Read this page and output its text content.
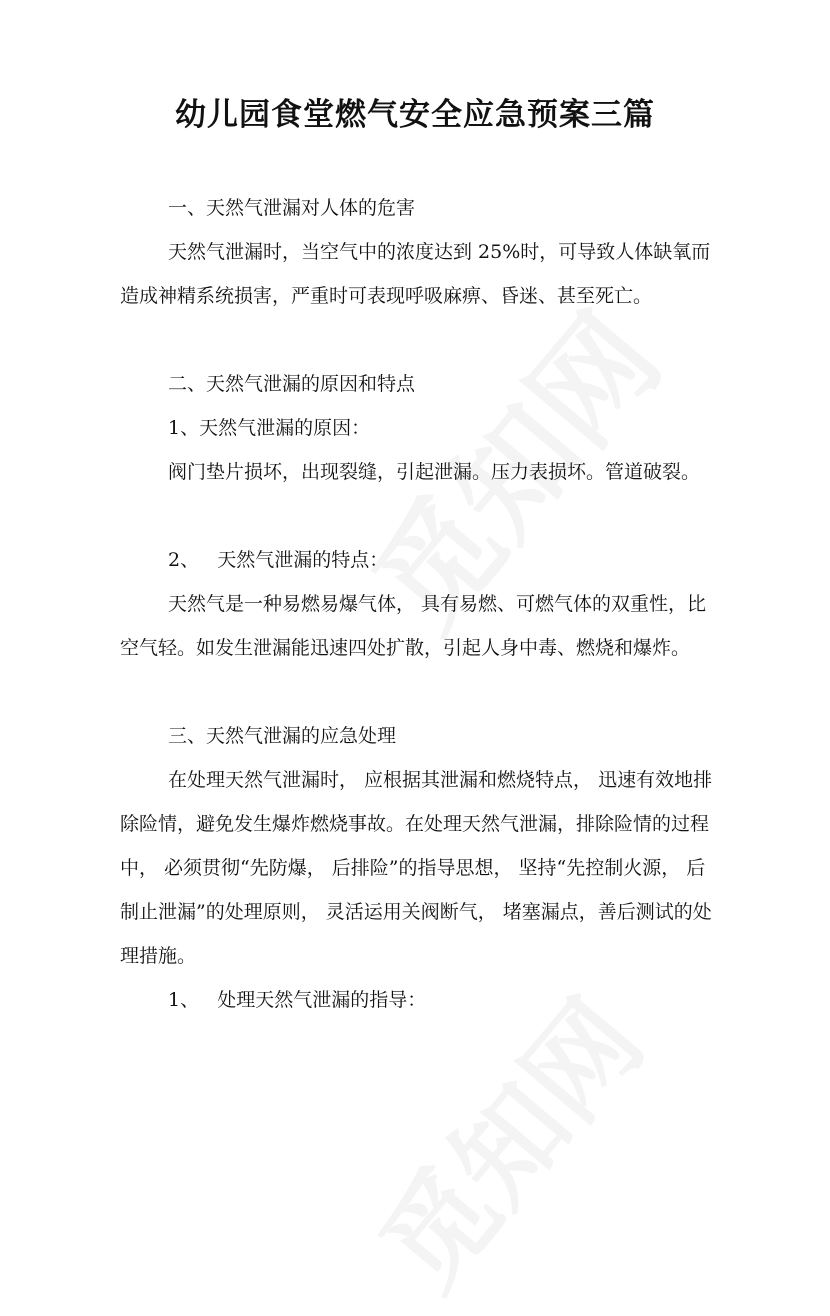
幼儿园食堂燃气安全应急预案三篇

一、天然气泄漏对人体的危害

天然气泄漏时，当空气中的浓度达到 25%时，可导致人体缺氧而造成神精系统损害，严重时可表现呼吸麻痹、昏迷、甚至死亡。

二、天然气泄漏的原因和特点

1、天然气泄漏的原因：

阀门垫片损坏，出现裂缝，引起泄漏。压力表损坏。管道破裂。

2、   天然气泄漏的特点：

天然气是一种易燃易爆气体， 具有易燃、可燃气体的双重性，比空气轻。如发生泄漏能迅速四处扩散，引起人身中毒、燃烧和爆炸。

三、天然气泄漏的应急处理

在处理天然气泄漏时， 应根据其泄漏和燃烧特点， 迅速有效地排除险情，避免发生爆炸燃烧事故。在处理天然气泄漏，排除险情的过程中， 必须贯彻“先防爆， 后排险”的指导思想， 坚持“先控制火源， 后制止泄漏”的处理原则， 灵活运用关阀断气， 堵塞漏点，善后测试的处理措施。

1、   处理天然气泄漏的指导：
